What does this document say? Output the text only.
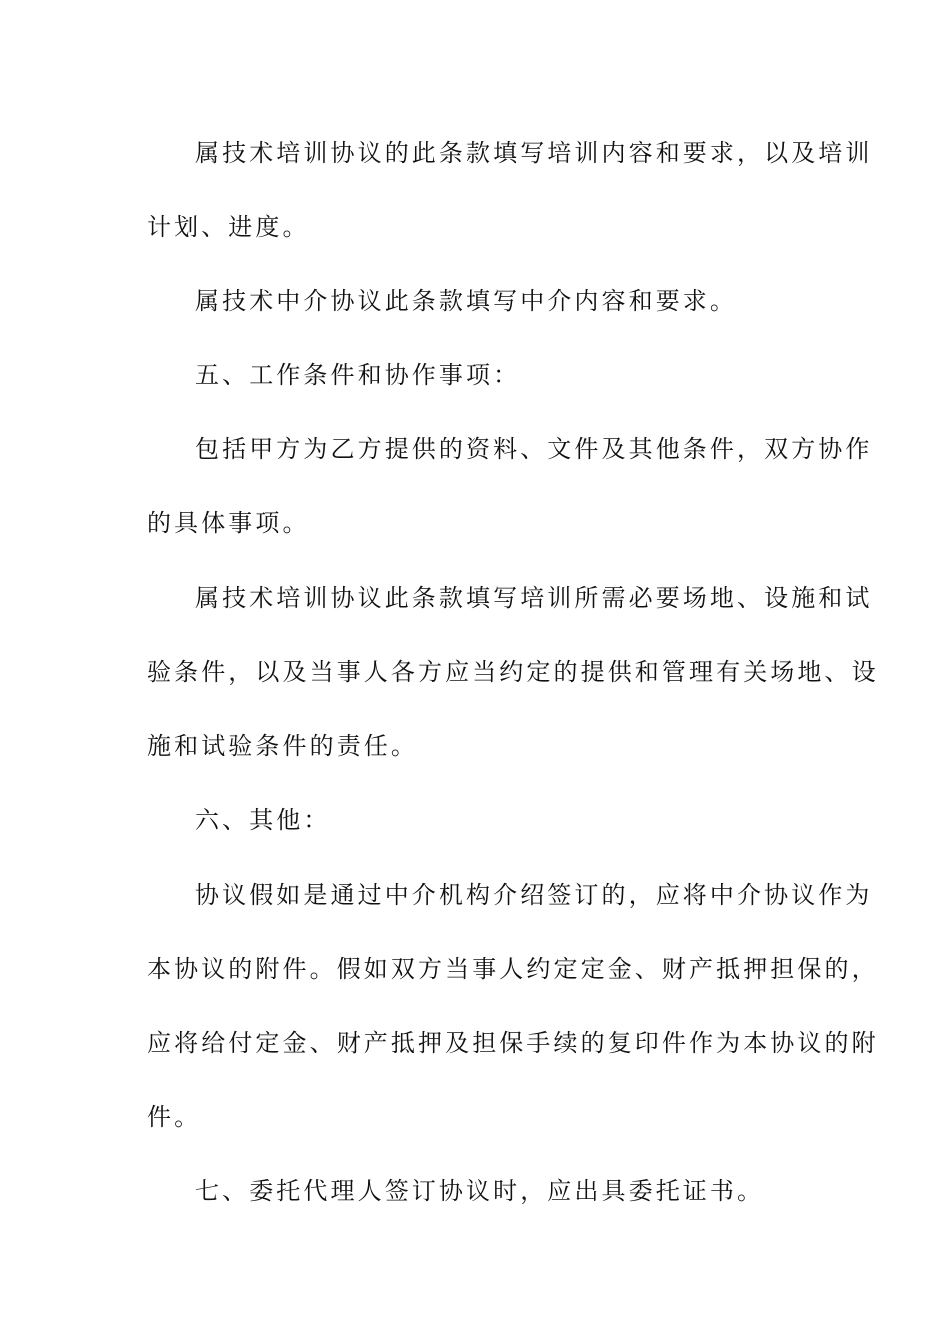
属技术培训协议的此条款填写培训内容和要求，以及培训
计划、进度。
属技术中介协议此条款填写中介内容和要求。
五、工作条件和协作事项：
包括甲方为乙方提供的资料、文件及其他条件，双方协作
的具体事项。
属技术培训协议此条款填写培训所需必要场地、设施和试
验条件，以及当事人各方应当约定的提供和管理有关场地、设
施和试验条件的责任。
六、其他：
协议假如是通过中介机构介绍签订的，应将中介协议作为
本协议的附件。假如双方当事人约定定金、财产抵押担保的，
应将给付定金、财产抵押及担保手续的复印件作为本协议的附
件。
七、委托代理人签订协议时，应出具委托证书。
